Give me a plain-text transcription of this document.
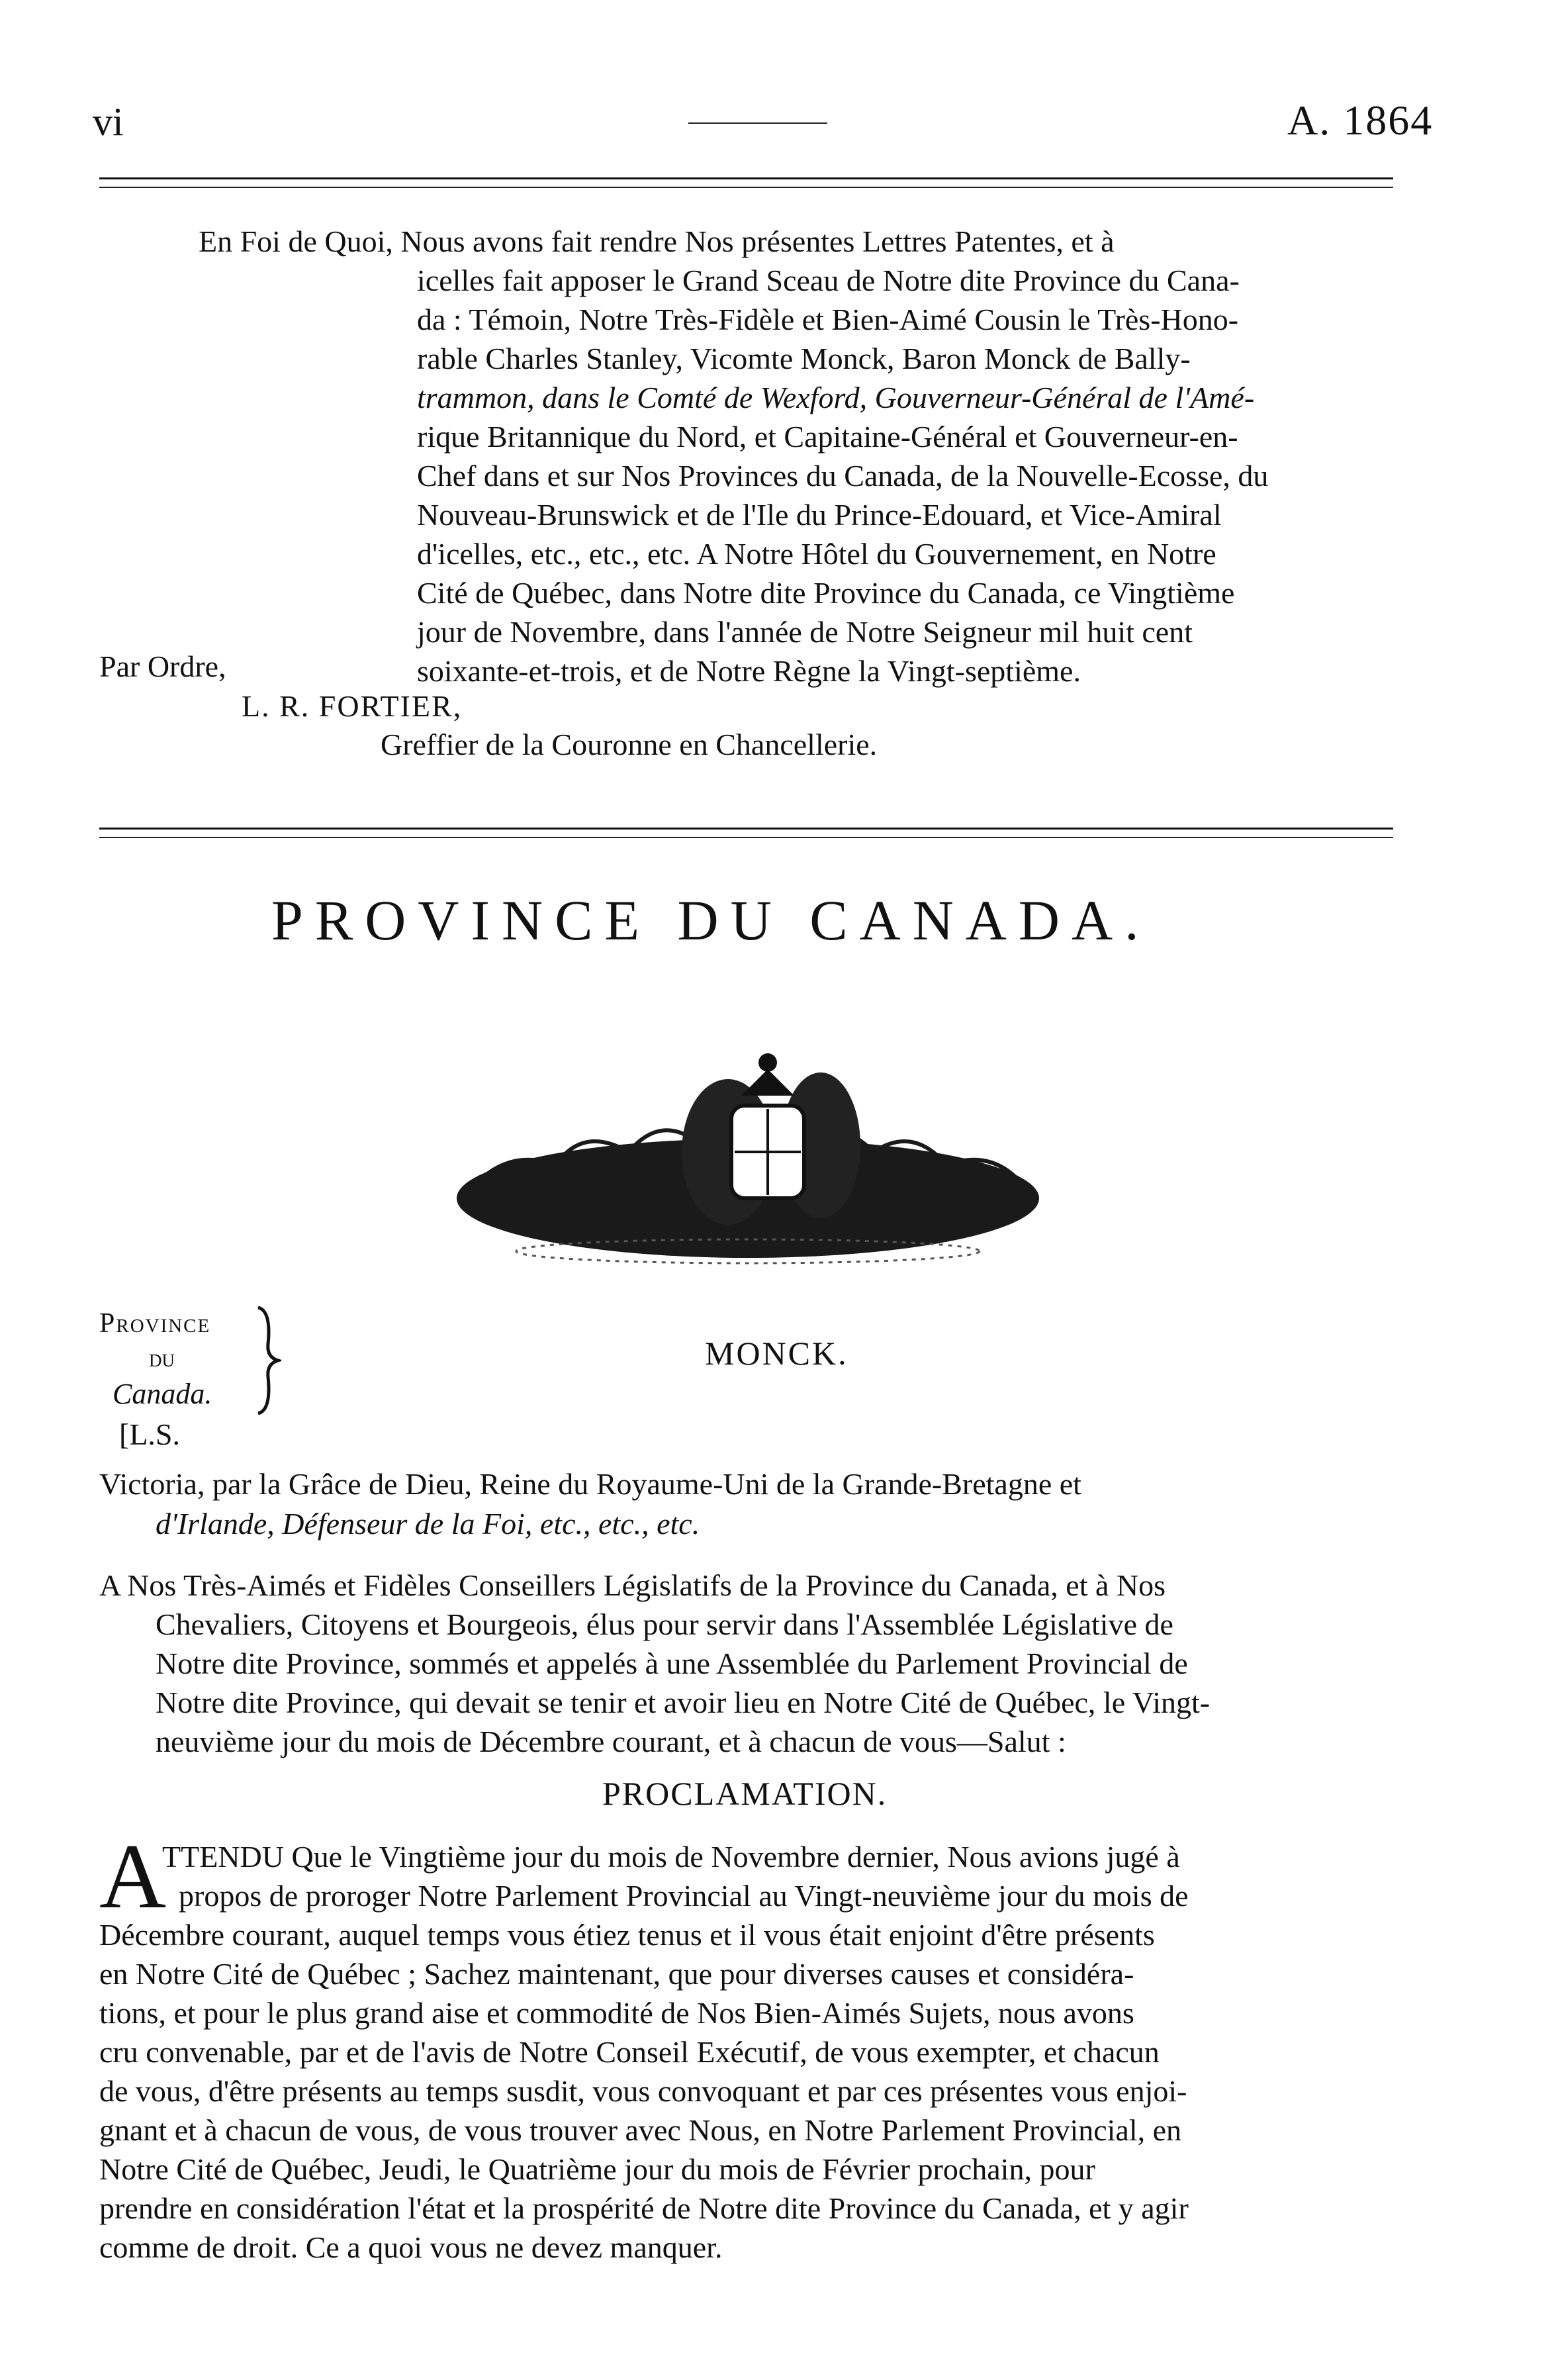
vi	A. 1864
En Foi de Quoi, Nous avons fait rendre Nos présentes Lettres Patentes, et à
icelles fait apposer le Grand Sceau de Notre dite Province du Cana-
da : Témoin, Notre Très-Fidèle et Bien-Aimé Cousin le Très-Hono-
rable Charles Stanley, Vicomte Monck, Baron Monck de Bally-
trammon, dans le Comté de Wexford, Gouverneur-Général de l'Amé-
rique Britannique du Nord, et Capitaine-Général et Gouverneur-en-
Chef dans et sur Nos Provinces du Canada, de la Nouvelle-Ecosse, du
Nouveau-Brunswick et de l'Ile du Prince-Edouard, et Vice-Amiral
d'icelles, etc., etc., etc. A Notre Hôtel du Gouvernement, en Notre
Cité de Québec, dans Notre dite Province du Canada, ce Vingtième
jour de Novembre, dans l'année de Notre Seigneur mil huit cent
soixante-et-trois, et de Notre Règne la Vingt-septième.
Par Ordre,
L. R. FORTIER,
Greffier de la Couronne en Chancellerie.
PROVINCE DU CANADA.
Province
du
Canada.
MONCK.
[L.S.
Victoria, par la Grâce de Dieu, Reine du Royaume-Uni de la Grande-Bretagne et
d'Irlande, Défenseur de la Foi, etc., etc., etc.
A Nos Très-Aimés et Fidèles Conseillers Législatifs de la Province du Canada, et à Nos
Chevaliers, Citoyens et Bourgeois, élus pour servir dans l'Assemblée Législative de
Notre dite Province, sommés et appelés à une Assemblée du Parlement Provincial de
Notre dite Province, qui devait se tenir et avoir lieu en Notre Cité de Québec, le Vingt-
neuvième jour du mois de Décembre courant, et à chacun de vous—Salut :
PROCLAMATION.
A
TTENDU Que le Vingtième jour du mois de Novembre dernier, Nous avions jugé à
propos de proroger Notre Parlement Provincial au Vingt-neuvième jour du mois de
Décembre courant, auquel temps vous étiez tenus et il vous était enjoint d'être présents
en Notre Cité de Québec ; Sachez maintenant, que pour diverses causes et considéra-
tions, et pour le plus grand aise et commodité de Nos Bien-Aimés Sujets, nous avons
cru convenable, par et de l'avis de Notre Conseil Exécutif, de vous exempter, et chacun
de vous, d'être présents au temps susdit, vous convoquant et par ces présentes vous enjoi-
gnant et à chacun de vous, de vous trouver avec Nous, en Notre Parlement Provincial, en
Notre Cité de Québec, Jeudi, le Quatrième jour du mois de Février prochain, pour
prendre en considération l'état et la prospérité de Notre dite Province du Canada, et y agir
comme de droit. Ce a quoi vous ne devez manquer.
